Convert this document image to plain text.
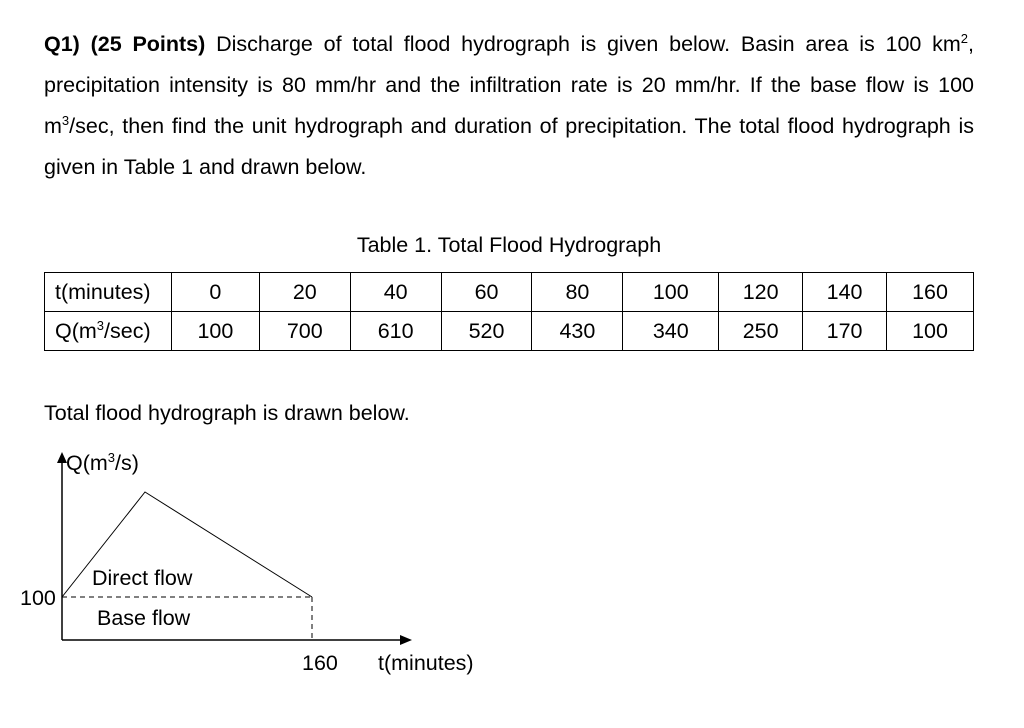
Q1) (25 Points) Discharge of total flood hydrograph is given below. Basin area is 100 $km^2$, precipitation intensity is 80 mm/hr and the infiltration rate is 20 mm/hr. If the base flow is 100 $m^3/\sec$, then find the unit hydrograph and duration of precipitation. The total flood hydrograph is given in Table 1 and drawn below.
Table 1. Total Flood Hydrograph
t(minutes)	0	20	40	60	80	100	120	140	160
$Q(m^3/\sec)$	100	700	610	520	430	340	250	170	100
Total flood hydrograph is drawn below.
$Q(m^3/s)$
100
160 t(minutes)
Direct flow
Base flow
